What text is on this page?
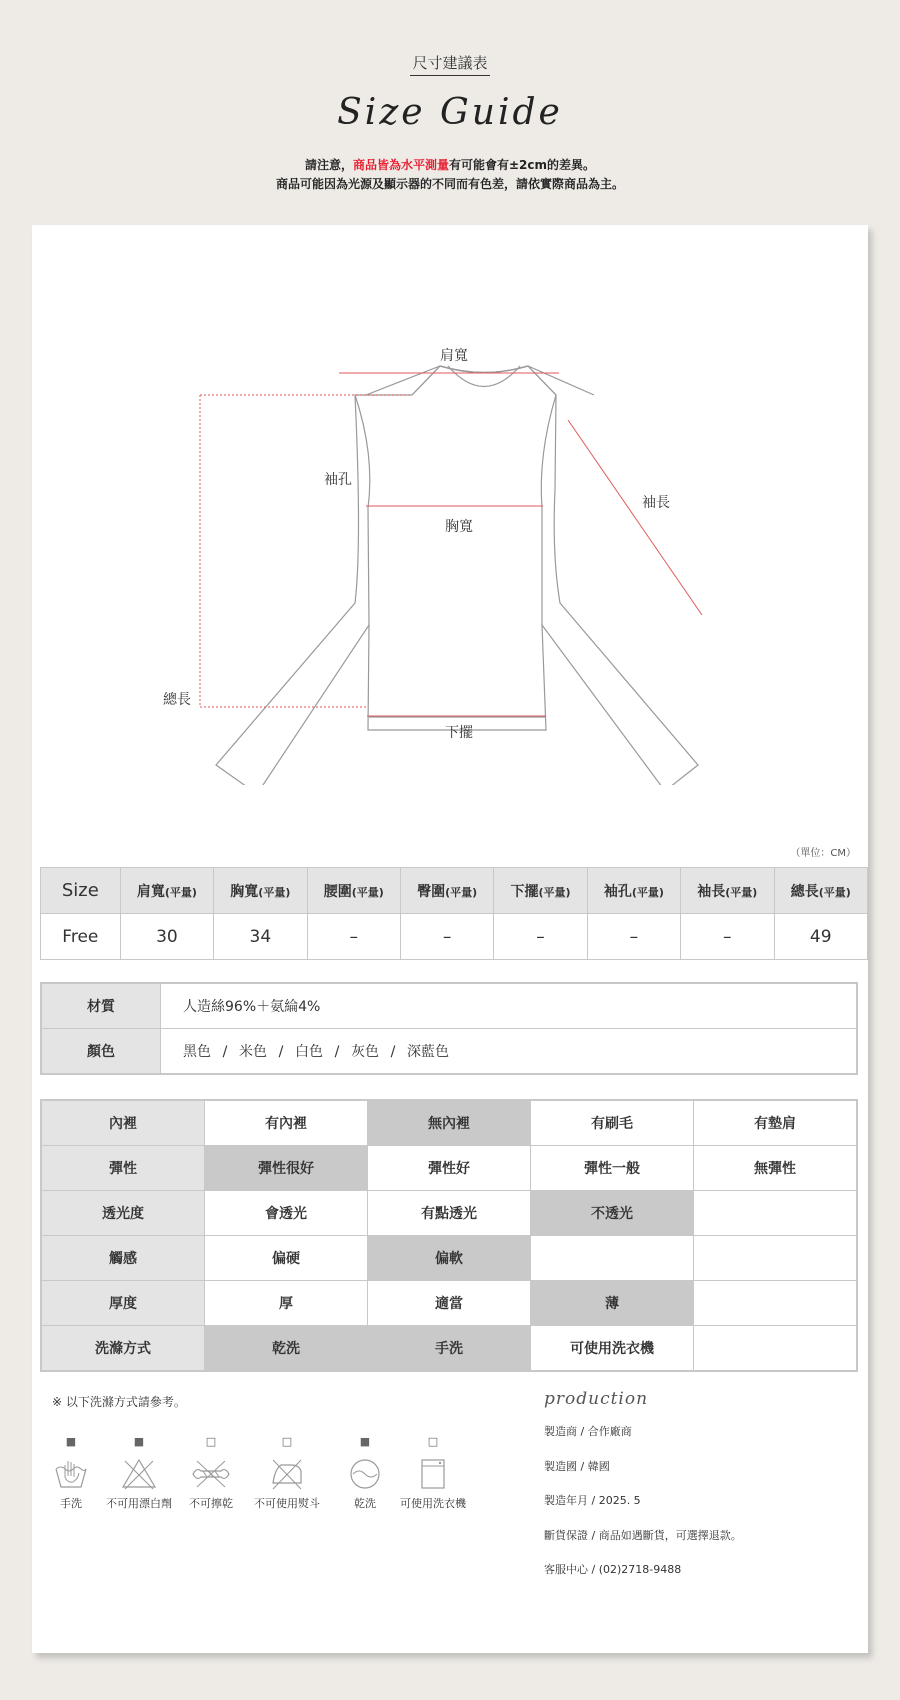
尺寸建議表
Size Guide
請注意，商品皆為水平測量有可能會有±2cm的差異。
商品可能因為光源及顯示器的不同而有色差，請依實際商品為主。
肩寬
袖孔
袖長
胸寬
總長
下擺
（單位：CM）
Size	肩寬(平量)	胸寬(平量)	腰圍(平量)	臀圍(平量)	下擺(平量)	袖孔(平量)	袖長(平量)	總長(平量)
Free	30	34	–	–	–	–	–	49
材質	人造絲96%＋氨綸4%
顏色	黑色 / 米色 / 白色 / 灰色 / 深藍色
內裡	有內裡	無內裡	有刷毛	有墊肩
彈性	彈性很好	彈性好	彈性一般	無彈性
透光度	會透光	有點透光	不透光	
觸感	偏硬	偏軟		
厚度	厚	適當	薄	
洗滌方式	乾洗	手洗	可使用洗衣機	
※ 以下洗滌方式請參考。
■
手洗
■
不可用漂白劑
□
不可擰乾
□
不可使用熨斗
■
乾洗
□
可使用洗衣機
production
製造商 / 合作廠商
製造國 / 韓國
製造年月 / 2025. 5
斷貨保證 / 商品如遇斷貨，可選擇退款。
客服中心 / (02)2718-9488
